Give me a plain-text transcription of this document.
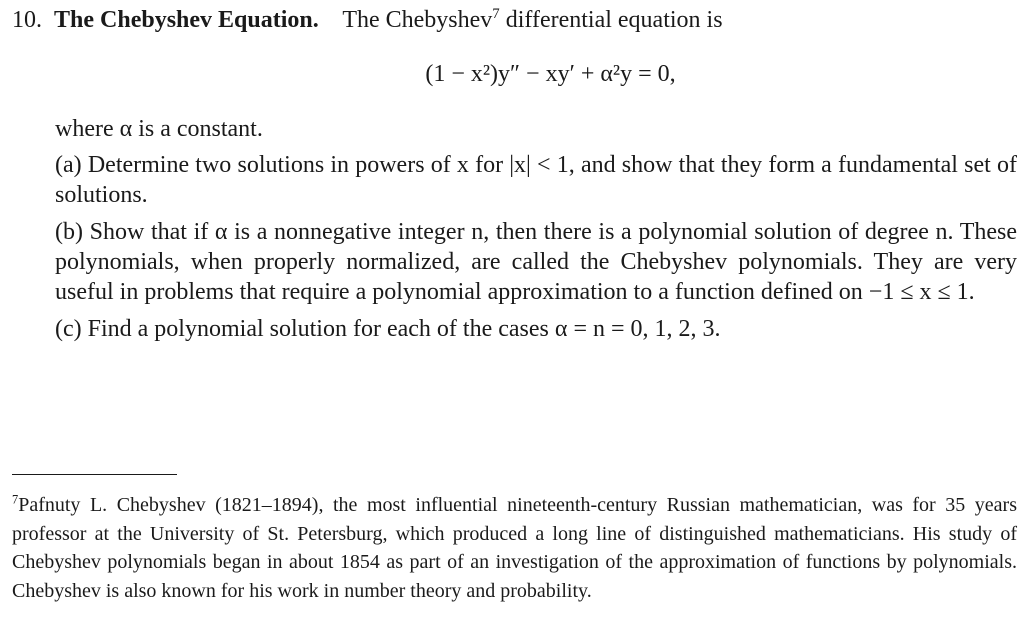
10. The Chebyshev Equation. The Chebyshev$^7$ differential equation is
(1 − x²)y″ − xy′ + α²y = 0,

where α is a constant.

(a) Determine two solutions in powers of x for |x| < 1, and show that they form a fundamental set of solutions.

(b) Show that if α is a nonnegative integer n, then there is a polynomial solution of degree n. These polynomials, when properly normalized, are called the Chebyshev polynomials. They are very useful in problems that require a polynomial approximation to a function defined on −1 ≤ x ≤ 1.

(c) Find a polynomial solution for each of the cases α = n = 0, 1, 2, 3.

$^7$Pafnuty L. Chebyshev (1821–1894), the most influential nineteenth-century Russian mathematician, was for 35 years professor at the University of St. Petersburg, which produced a long line of distinguished mathematicians. His study of Chebyshev polynomials began in about 1854 as part of an investigation of the approximation of functions by polynomials. Chebyshev is also known for his work in number theory and probability.
